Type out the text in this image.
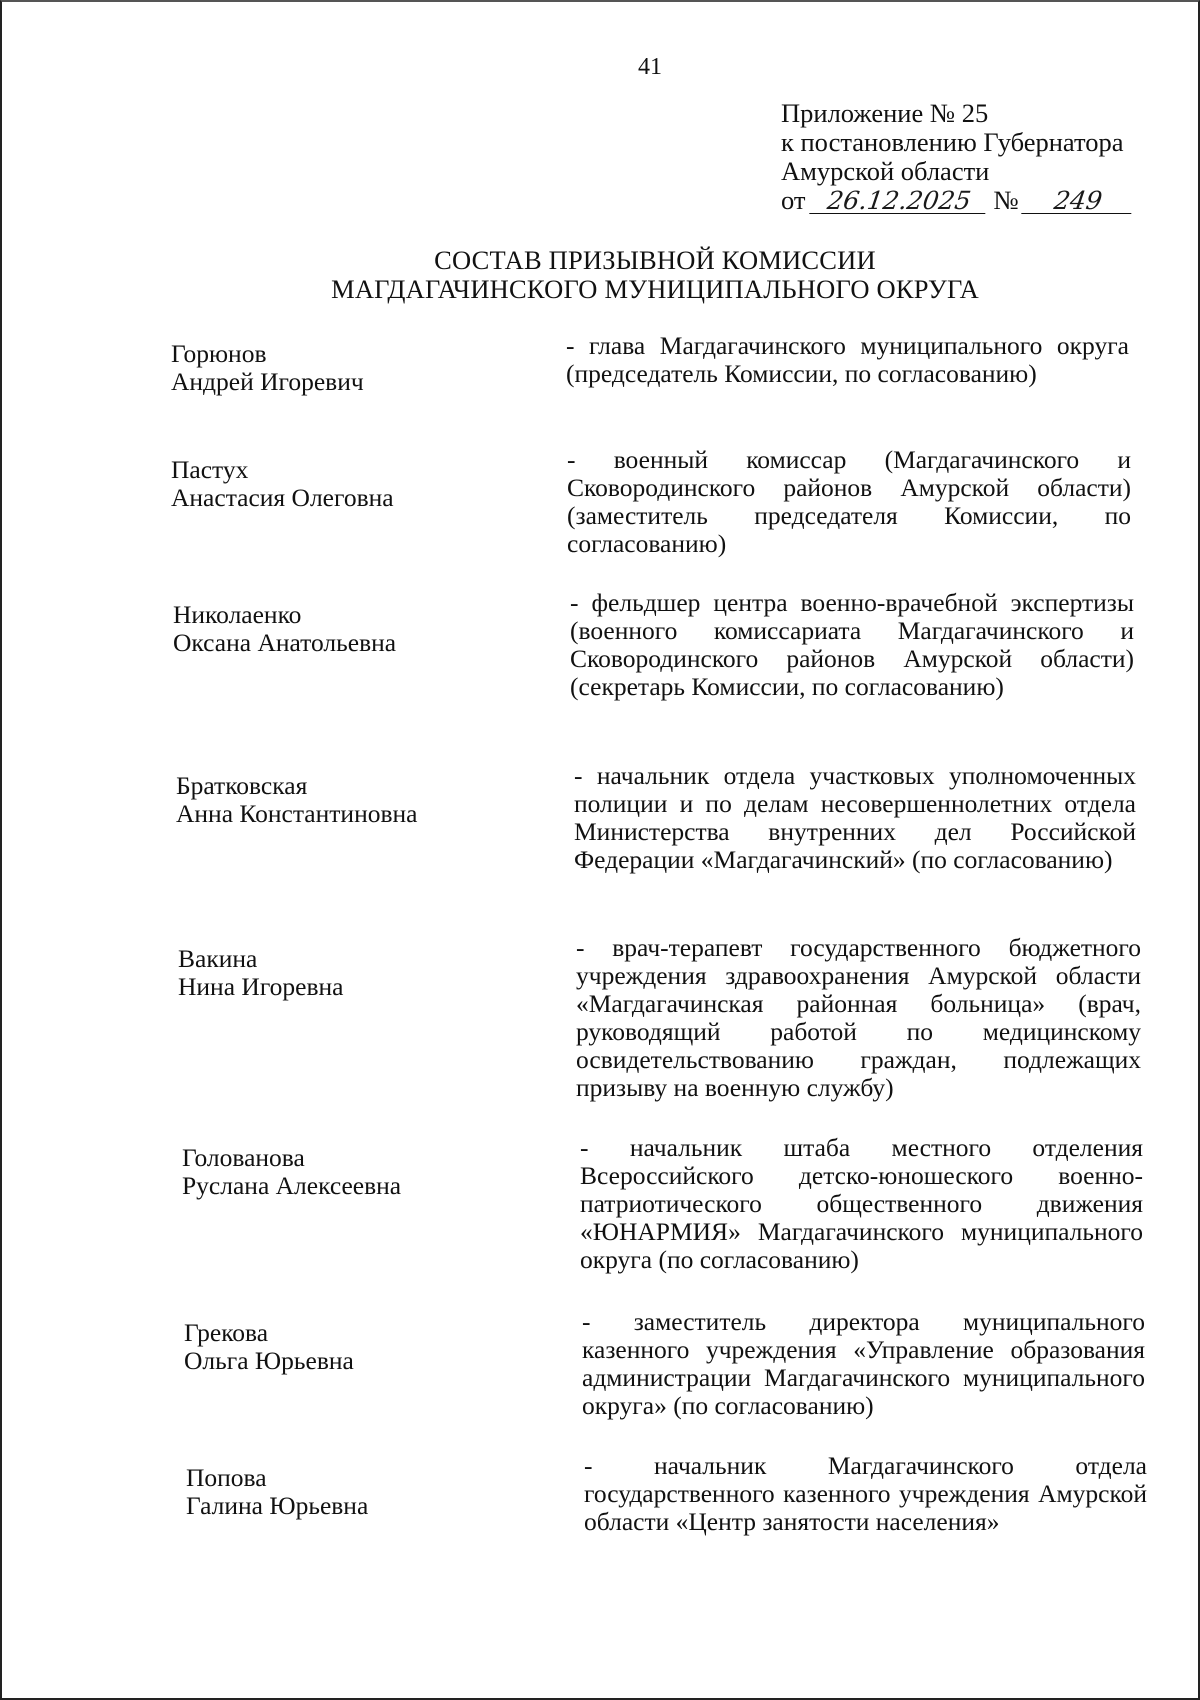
41
Приложение № 25
к постановлению Губернатора
Амурской области
от 26.12.2025 № 249
СОСТАВ ПРИЗЫВНОЙ КОМИССИИ
МАГДАГАЧИНСКОГО МУНИЦИПАЛЬНОГО ОКРУГА
Горюнов
Андрей Игоревич
- глава Магдагачинского муниципального округа (председатель Комиссии, по согласованию)
Пастух
Анастасия Олеговна
- военный комиссар (Магдагачинского и Сковородинского районов Амурской области) (заместитель председателя Комиссии, по согласованию)
Николаенко
Оксана Анатольевна
- фельдшер центра военно-врачебной экспертизы (военного комиссариата Магдагачинского и Сковородинского районов Амурской области) (секретарь Комиссии, по согласованию)
Братковская
Анна Константиновна
- начальник отдела участковых уполномоченных полиции и по делам несовершеннолетних отдела Министерства внутренних дел Российской Федерации «Магдагачинский» (по согласованию)
Вакина
Нина Игоревна
- врач-терапевт государственного бюджетного учреждения здравоохранения Амурской области «Магдагачинская районная больница» (врач, руководящий работой по медицинскому освидетельствованию граждан, подлежащих призыву на военную службу)
Голованова
Руслана Алексеевна
- начальник штаба местного отделения Всероссийского детско-юношеского военно-патриотического общественного движения «ЮНАРМИЯ» Магдагачинского муниципального округа (по согласованию)
Грекова
Ольга Юрьевна
- заместитель директора муниципального казенного учреждения «Управление образования администрации Магдагачинского муниципального округа» (по согласованию)
Попова
Галина Юрьевна
- начальник Магдагачинского отдела государственного казенного учреждения Амурской области «Центр занятости населения»
